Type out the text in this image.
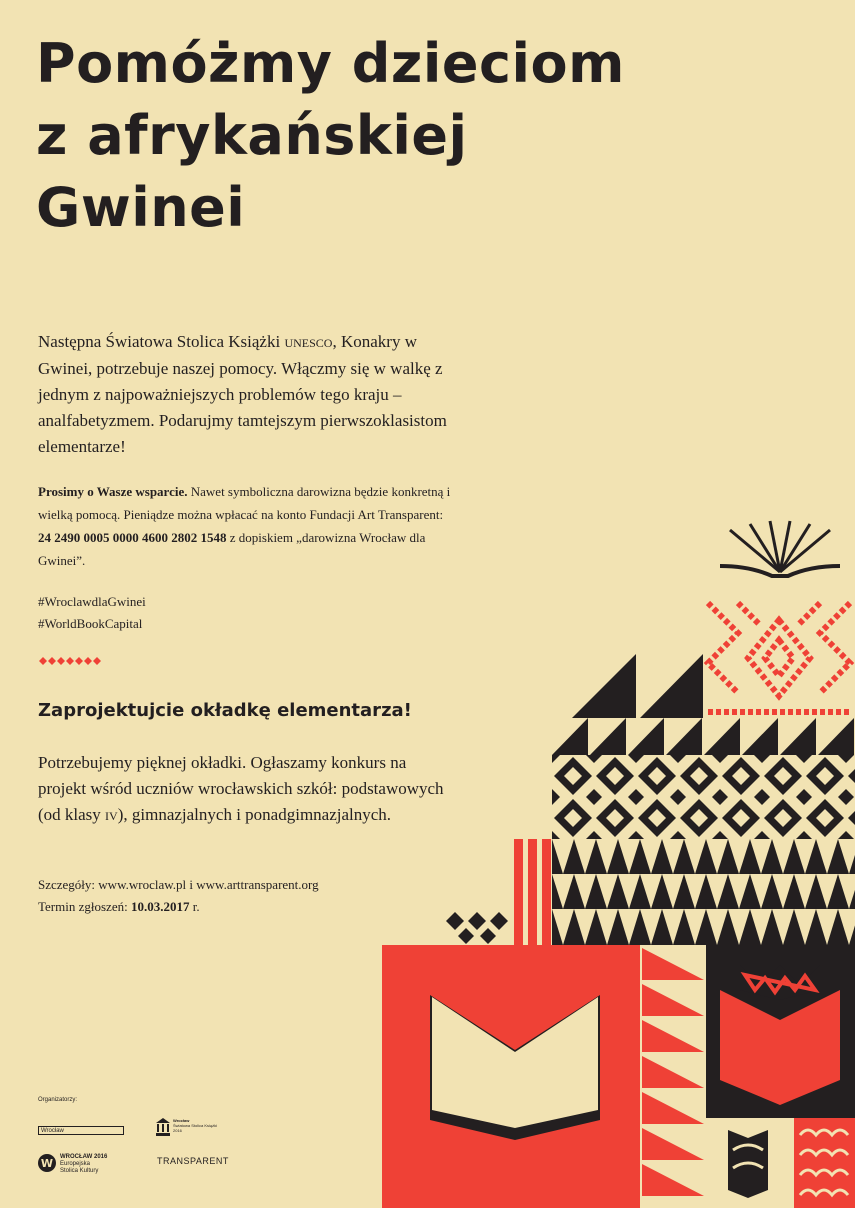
Pomóżmy dzieciom
z afrykańskiej
Gwinei

Następna Światowa Stolica Książki UNESCO, Konakry w Gwinei, potrzebuje naszej pomocy. Włączmy się w walkę z jednym z najpoważniejszych problemów tego kraju – analfabetyzmem. Podarujmy tamtejszym pierwszoklasistom elementarze!

Prosimy o Wasze wsparcie. Nawet symboliczna darowizna będzie konkretną i wielką pomocą. Pieniądze można wpłacać na konto Fundacji Art Transparent: 24 2490 0005 0000 4600 2802 1548 z dopiskiem „darowizna Wrocław dla Gwinei”.

#WroclawdlaGwinei
#WorldBookCapital
Zaprojektujcie okładkę elementarza!

Potrzebujemy pięknej okładki. Ogłaszamy konkurs na projekt wśród uczniów wrocławskich szkół: podstawowych (od klasy IV), gimnazjalnych i ponadgimnazjalnych.

Szczegóły: www.wroclaw.pl i www.arttransparent.org
Termin zgłoszeń: 10.03.2017 r.
Organizatorzy:
Wrocław
Wrocław
Światowa Stolica Książki 2016
W	WROCŁAW 2016
Europejska Stolica Kultury
TRANSPARENT
